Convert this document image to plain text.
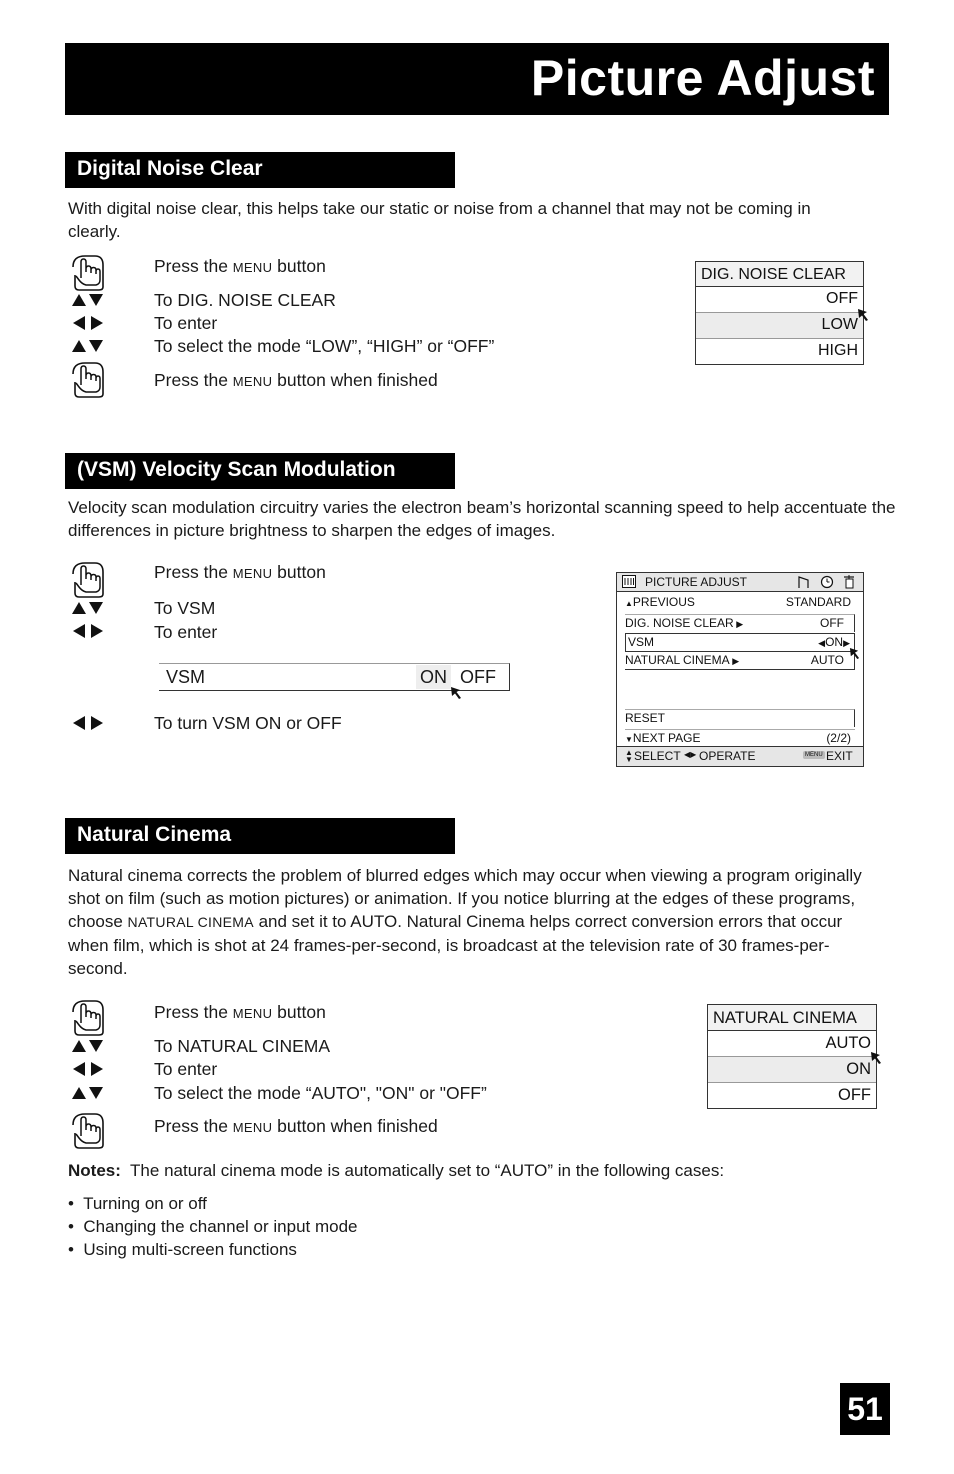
Picture Adjust
Digital Noise Clear
With digital noise clear, this helps take our static or noise from a channel that may not be coming in clearly.
Press the MENU button
To DIG. NOISE CLEAR
To enter
To select the mode “LOW”, “HIGH” or “OFF”
Press the MENU button when finished
DIG. NOISE CLEAR
OFF
LOW
HIGH
(VSM) Velocity Scan Modulation
Velocity scan modulation circuitry varies the electron beam’s horizontal scanning speed to help accentuate the differences in picture brightness to sharpen the edges of images.
Press the MENU button
To VSM
To enter
VSM	ON OFF
To turn VSM ON or OFF
PICTURE ADJUST
▲PREVIOUS	STANDARD
DIG. NOISE CLEAR ▶	OFF
VSM	◀ON▶
NATURAL CINEMA ▶	AUTO
RESET
▼NEXT PAGE	(2/2)
▲
▼ SELECT ◀▶ OPERATE	MENU EXIT
Natural Cinema
Natural cinema corrects the problem of blurred edges which may occur when viewing a program originally shot on film (such as motion pictures) or animation. If you notice blurring at the edges of these programs, choose NATURAL CINEMA and set it to AUTO. Natural Cinema helps correct conversion errors that occur when film, which is shot at 24 frames-per-second, is broadcast at the television rate of 30 frames-per-second.
Press the MENU button
To NATURAL CINEMA
To enter
To select the mode “AUTO", "ON" or "OFF”
Press the MENU button when finished
NATURAL CINEMA
AUTO
ON
OFF
Notes: The natural cinema mode is automatically set to “AUTO” in the following cases:
•  Turning on or off
•  Changing the channel or input mode
•  Using multi-screen functions
51
